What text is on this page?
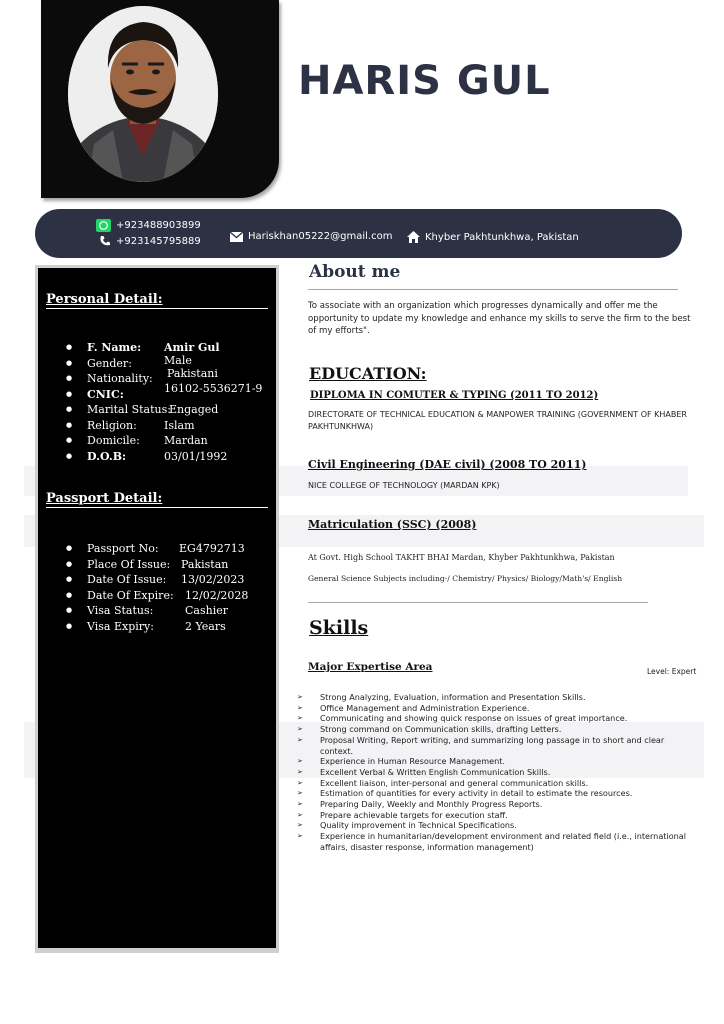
HARIS GUL
+923488903899
+923145795889	Hariskhan05222@gmail.com	Khyber Pakhtunkhwa, Pakistan
Personal Detail:
F. Name: Amir Gul
Gender:	Male
Nationality: Pakistani
CNIC:	16102-5536271-9
Marital Status:
Engaged
Religion: Islam
Domicile: Mardan
D.O.B:	03/01/1992
Passport Detail:
Passport No: EG4792713
Place Of Issue: Pakistan
Date Of Issue: 13/02/2023
Date Of Expire: 12/02/2028
Visa Status:	Cashier
Visa Expiry:	2 Years
About me
To associate with an organization which progresses dynamically and offer me the opportunity to update my knowledge and enhance my skills to serve the firm to the best of my efforts".
EDUCATION:
DIPLOMA IN COMUTER & TYPING (2011 TO 2012)
DIRECTORATE OF TECHNICAL EDUCATION & MANPOWER TRAINING (GOVERNMENT OF KHABER PAKHTUNKHWA)
Civil Engineering (DAE civil) (2008 TO 2011)
NICE COLLEGE OF TECHNOLOGY (MARDAN KPK)
Matriculation (SSC) (2008)
At Govt. High School TAKHT BHAI Mardan, Khyber Pakhtunkhwa, Pakistan
General Science Subjects including-/ Chemistry/ Physics/ Biology/Math's/ English
Skills
Major Expertise Area	Level: Expert
➢ Strong Analyzing, Evaluation, information and Presentation Skills.
➢ Office Management and Administration Experience.
➢ Communicating and showing quick response on issues of great importance.
➢ Strong command on Communication skills, drafting Letters.
➢ Proposal Writing, Report writing, and summarizing long passage in to short and clear context.
➢ Experience in Human Resource Management.
➢ Excellent Verbal & Written English Communication Skills.
➢ Excellent liaison, inter-personal and general communication skills.
➢ Estimation of quantities for every activity in detail to estimate the resources.
➢ Preparing Daily, Weekly and Monthly Progress Reports.
➢ Prepare achievable targets for execution staff.
➢ Quality improvement in Technical Specifications.
➢ Experience in humanitarian/development environment and related field (i.e., international affairs, disaster response, information management)
